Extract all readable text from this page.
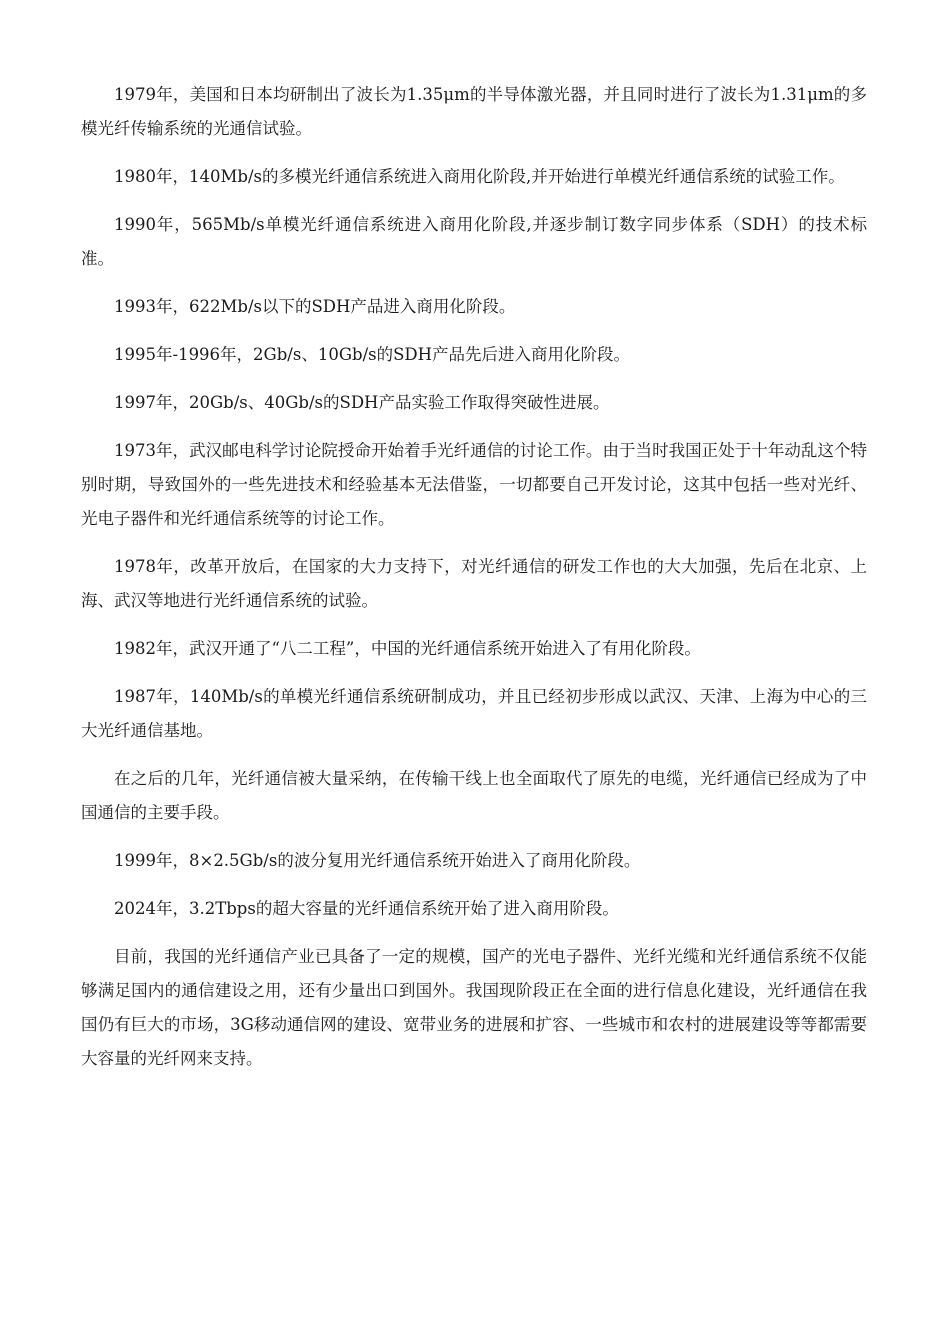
1979年，美国和日本均研制出了波长为1.35μm的半导体激光器，并且同时进行了波长为1.31μm的多模光纤传输系统的光通信试验。

1980年，140Mb/s的多模光纤通信系统进入商用化阶段,并开始进行单模光纤通信系统的试验工作。

1990年，565Mb/s单模光纤通信系统进入商用化阶段,并逐步制订数字同步体系（SDH）的技术标准。

1993年，622Mb/s以下的SDH产品进入商用化阶段。

1995年-1996年，2Gb/s、10Gb/s的SDH产品先后进入商用化阶段。

1997年，20Gb/s、40Gb/s的SDH产品实验工作取得突破性进展。

1973年，武汉邮电科学讨论院授命开始着手光纤通信的讨论工作。由于当时我国正处于十年动乱这个特别时期，导致国外的一些先进技术和经验基本无法借鉴，一切都要自己开发讨论，这其中包括一些对光纤、光电子器件和光纤通信系统等的讨论工作。

1978年，改革开放后，在国家的大力支持下，对光纤通信的研发工作也的大大加强，先后在北京、上海、武汉等地进行光纤通信系统的试验。

1982年，武汉开通了“八二工程”，中国的光纤通信系统开始进入了有用化阶段。

1987年，140Mb/s的单模光纤通信系统研制成功，并且已经初步形成以武汉、天津、上海为中心的三大光纤通信基地。

在之后的几年，光纤通信被大量采纳，在传输干线上也全面取代了原先的电缆，光纤通信已经成为了中国通信的主要手段。

1999年，8×2.5Gb/s的波分复用光纤通信系统开始进入了商用化阶段。

2024年，3.2Tbps的超大容量的光纤通信系统开始了进入商用阶段。

目前，我国的光纤通信产业已具备了一定的规模，国产的光电子器件、光纤光缆和光纤通信系统不仅能够满足国内的通信建设之用，还有少量出口到国外。我国现阶段正在全面的进行信息化建设，光纤通信在我国仍有巨大的市场，3G移动通信网的建设、宽带业务的进展和扩容、一些城市和农村的进展建设等等都需要大容量的光纤网来支持。
